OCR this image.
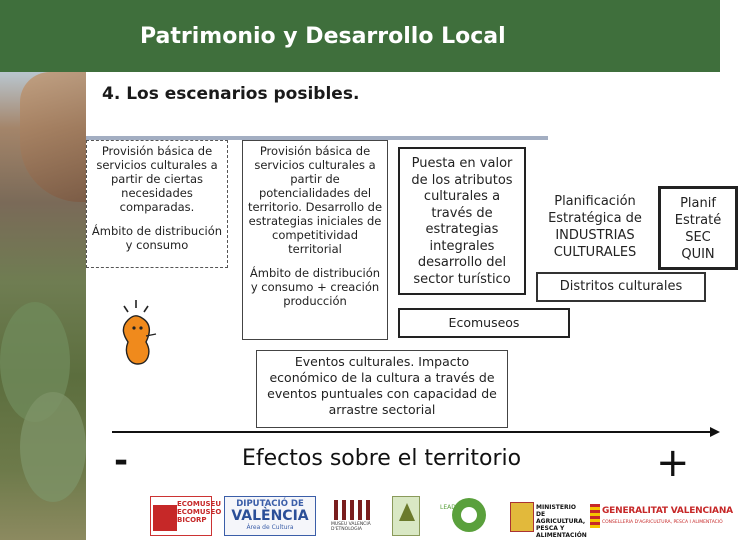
Patrimonio y Desarrollo Local
4. Los escenarios posibles.

Provisión básica de servicios culturales a partir de ciertas necesidades comparadas.

Ámbito de distribución y consumo

Provisión básica de servicios culturales a partir de potencialidades del territorio. Desarrollo de estrategias iniciales de competitividad territorial

Ámbito de distribución y consumo + creación producción

Puesta en valor de los atributos culturales a través de estrategias integrales desarrollo del sector turístico

Planificación Estratégica de INDUSTRIAS CULTURALES

Planif

Estraté

SEC

QUIN

Distritos culturales
Ecomuseos

Eventos culturales. Impacto económico de la cultura a través de eventos puntuales con capacidad de arrastre sectorial

-	Efectos sobre el territorio	+
ECOMUSEU ECOMUSEO BICORP
DIPUTACIÓ DE
VALÈNCIA
Àrea de Cultura	MUSEU VALENCIÀ D'ETNOLOGIA
LEADER	MINISTERIO DE AGRICULTURA, PESCA Y ALIMENTACIÓN
GENERALITAT VALENCIANA
CONSELLERIA D'AGRICULTURA, PESCA I ALIMENTACIÓ
